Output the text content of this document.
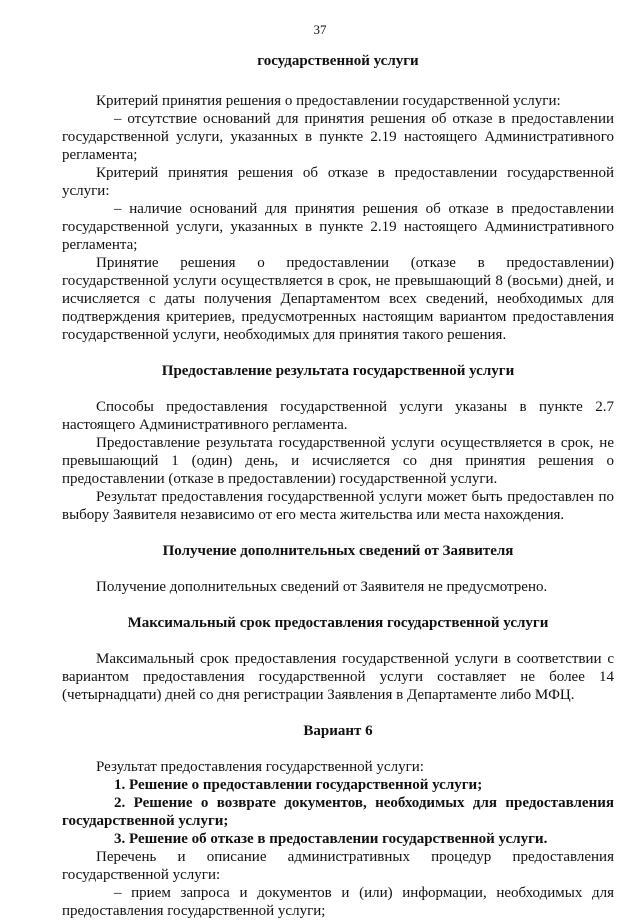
37
государственной услуги

Критерий принятия решения о предоставлении государственной услуги:

– отсутствие оснований для принятия решения об отказе в предоставлении государственной услуги, указанных в пункте 2.19 настоящего Административного регламента;

Критерий принятия решения об отказе в предоставлении государственной услуги:

– наличие оснований для принятия решения об отказе в предоставлении государственной услуги, указанных в пункте 2.19 настоящего Административного регламента;

Принятие решения о предоставлении (отказе в предоставлении) государственной услуги осуществляется в срок, не превышающий 8 (восьми) дней, и исчисляется с даты получения Департаментом всех сведений, необходимых для подтверждения критериев, предусмотренных настоящим вариантом предоставления государственной услуги, необходимых для принятия такого решения.

Предоставление результата государственной услуги

Способы предоставления государственной услуги указаны в пункте 2.7 настоящего Административного регламента.

Предоставление результата государственной услуги осуществляется в срок, не превышающий 1 (один) день, и исчисляется со дня принятия решения о предоставлении (отказе в предоставлении) государственной услуги.

Результат предоставления государственной услуги может быть предоставлен по выбору Заявителя независимо от его места жительства или места нахождения.

Получение дополнительных сведений от Заявителя

Получение дополнительных сведений от Заявителя не предусмотрено.

Максимальный срок предоставления государственной услуги

Максимальный срок предоставления государственной услуги в соответствии с вариантом предоставления государственной услуги составляет не более 14 (четырнадцати) дней со дня регистрации Заявления в Департаменте либо МФЦ.

Вариант 6

Результат предоставления государственной услуги:

1. Решение о предоставлении государственной услуги;

2. Решение о возврате документов, необходимых для предоставления государственной услуги;

3. Решение об отказе в предоставлении государственной услуги.

Перечень и описание административных процедур предоставления государственной услуги:

– прием запроса и документов и (или) информации, необходимых для предоставления государственной услуги;
